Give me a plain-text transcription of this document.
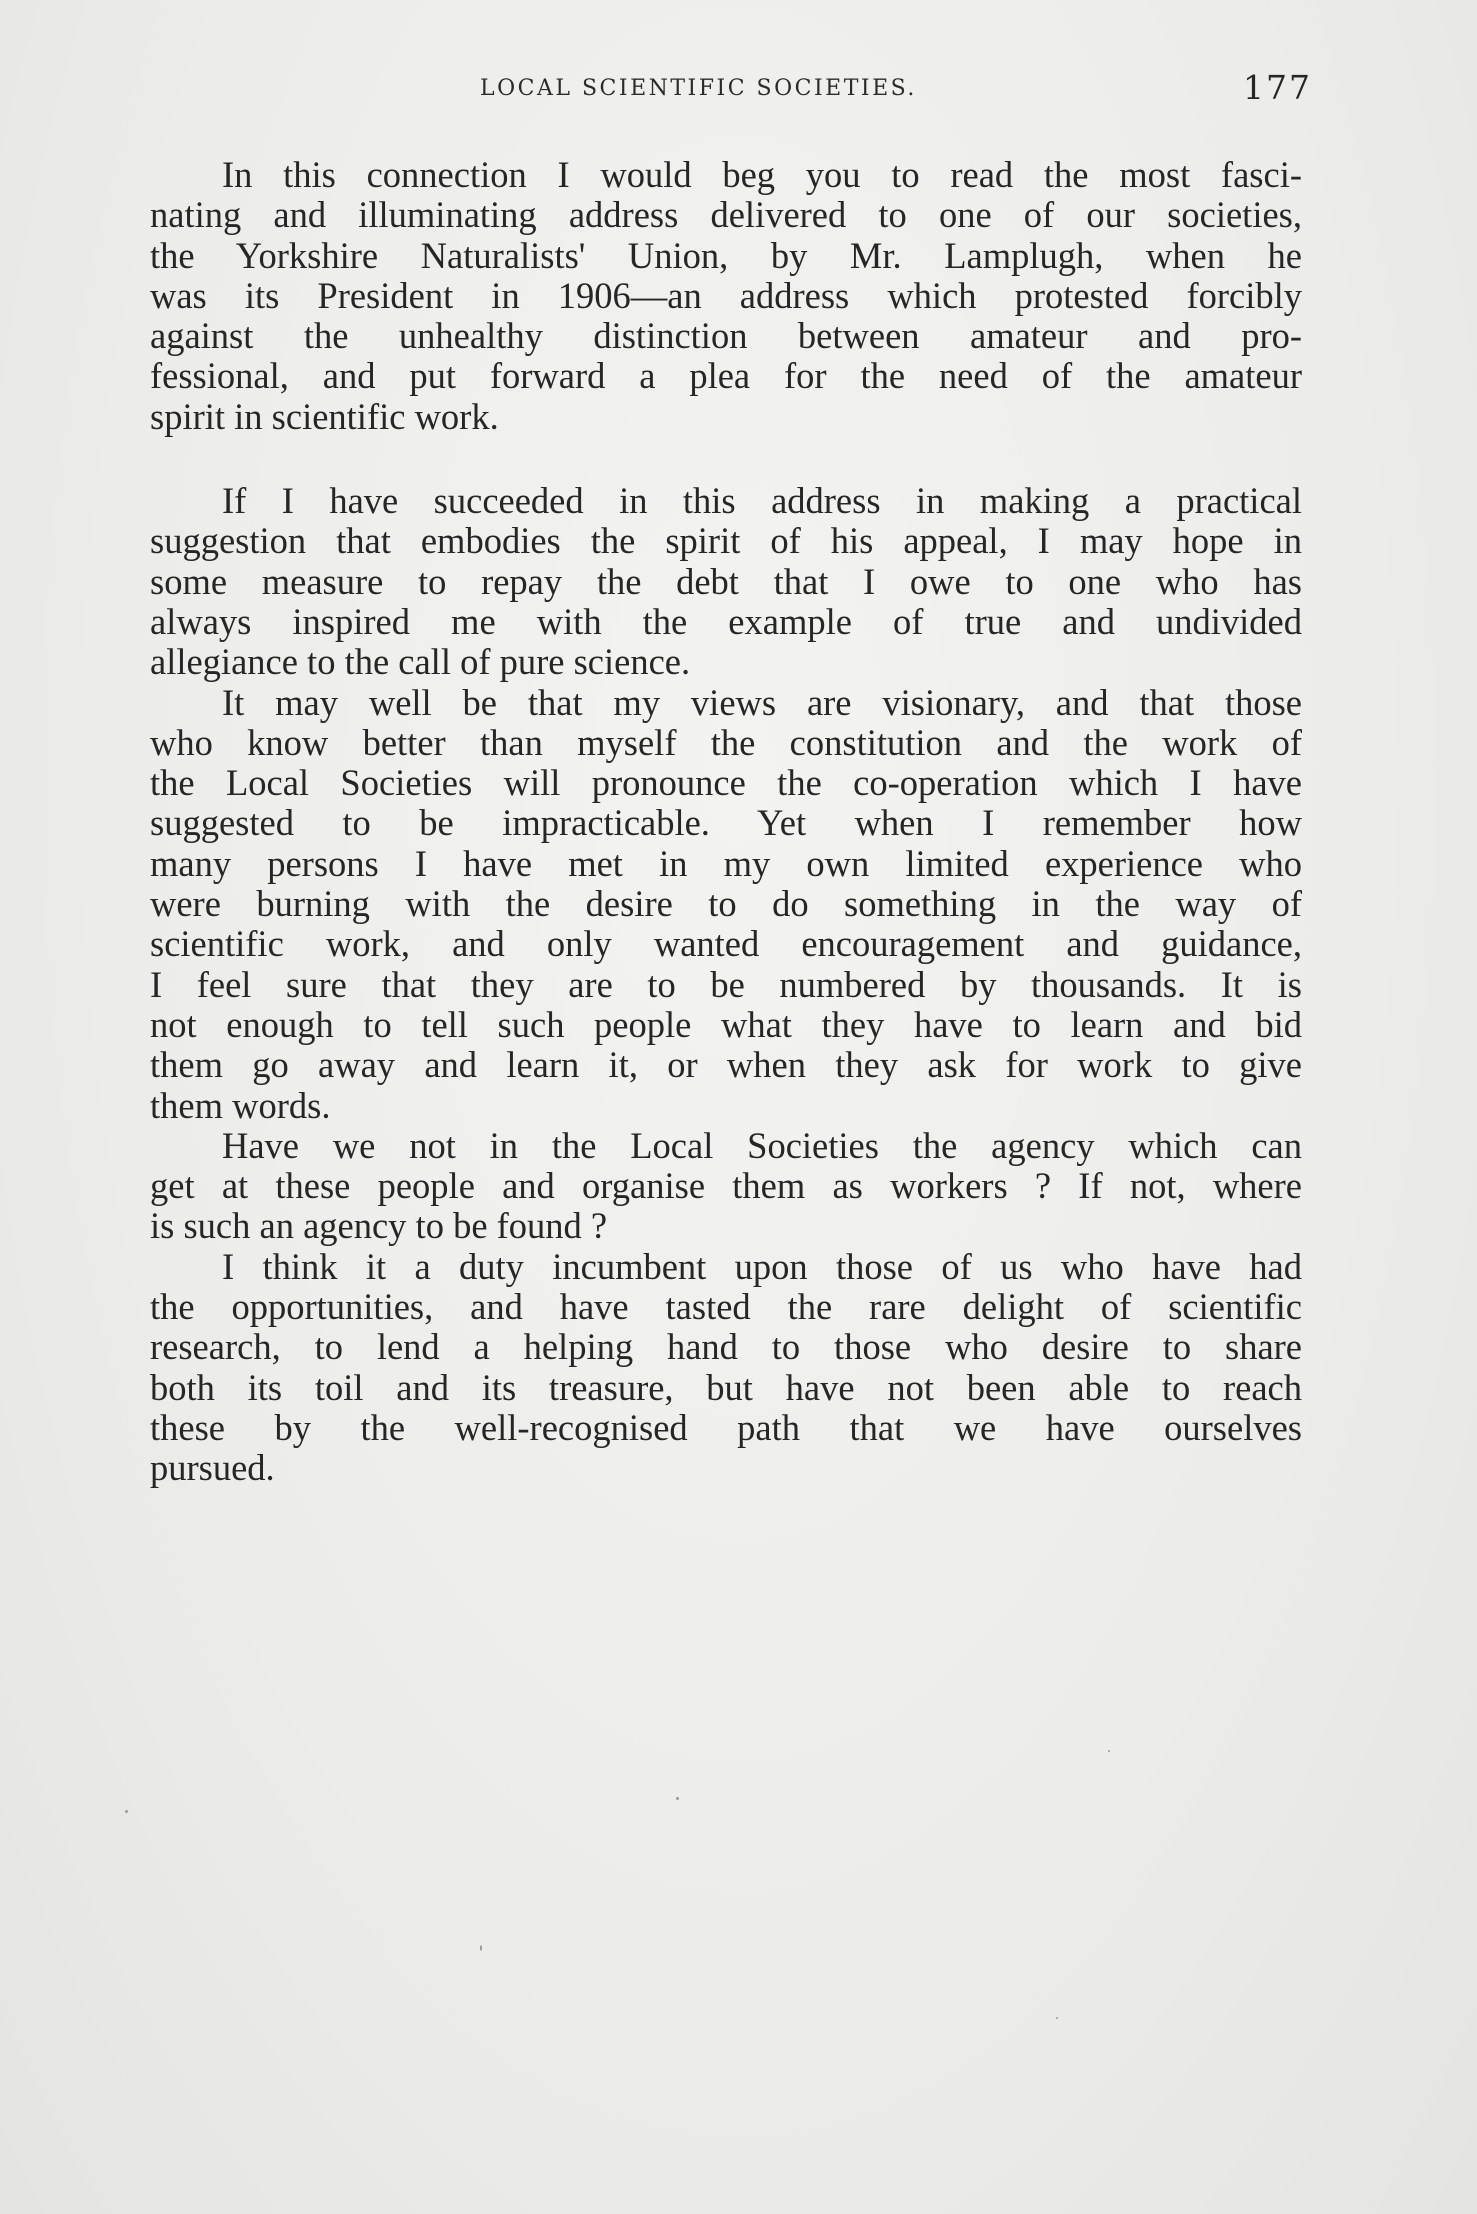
LOCAL SCIENTIFIC SOCIETIES.	177
In this connection I would beg you to read the most fasci-
nating and illuminating address delivered to one of our societies,
the Yorkshire Naturalists' Union, by Mr. Lamplugh, when he
was its President in 1906—an address which protested forcibly
against the unhealthy distinction between amateur and pro-
fessional, and put forward a plea for the need of the amateur
spirit in scientific work.
If I have succeeded in this address in making a practical
suggestion that embodies the spirit of his appeal, I may hope in
some measure to repay the debt that I owe to one who has
always inspired me with the example of true and undivided
allegiance to the call of pure science.
It may well be that my views are visionary, and that those
who know better than myself the constitution and the work of
the Local Societies will pronounce the co-operation which I have
suggested to be impracticable. Yet when I remember how
many persons I have met in my own limited experience who
were burning with the desire to do something in the way of
scientific work, and only wanted encouragement and guidance,
I feel sure that they are to be numbered by thousands. It is
not enough to tell such people what they have to learn and bid
them go away and learn it, or when they ask for work to give
them words.
Have we not in the Local Societies the agency which can
get at these people and organise them as workers ? If not, where
is such an agency to be found ?
I think it a duty incumbent upon those of us who have had
the opportunities, and have tasted the rare delight of scientific
research, to lend a helping hand to those who desire to share
both its toil and its treasure, but have not been able to reach
these by the well-recognised path that we have ourselves
pursued.
